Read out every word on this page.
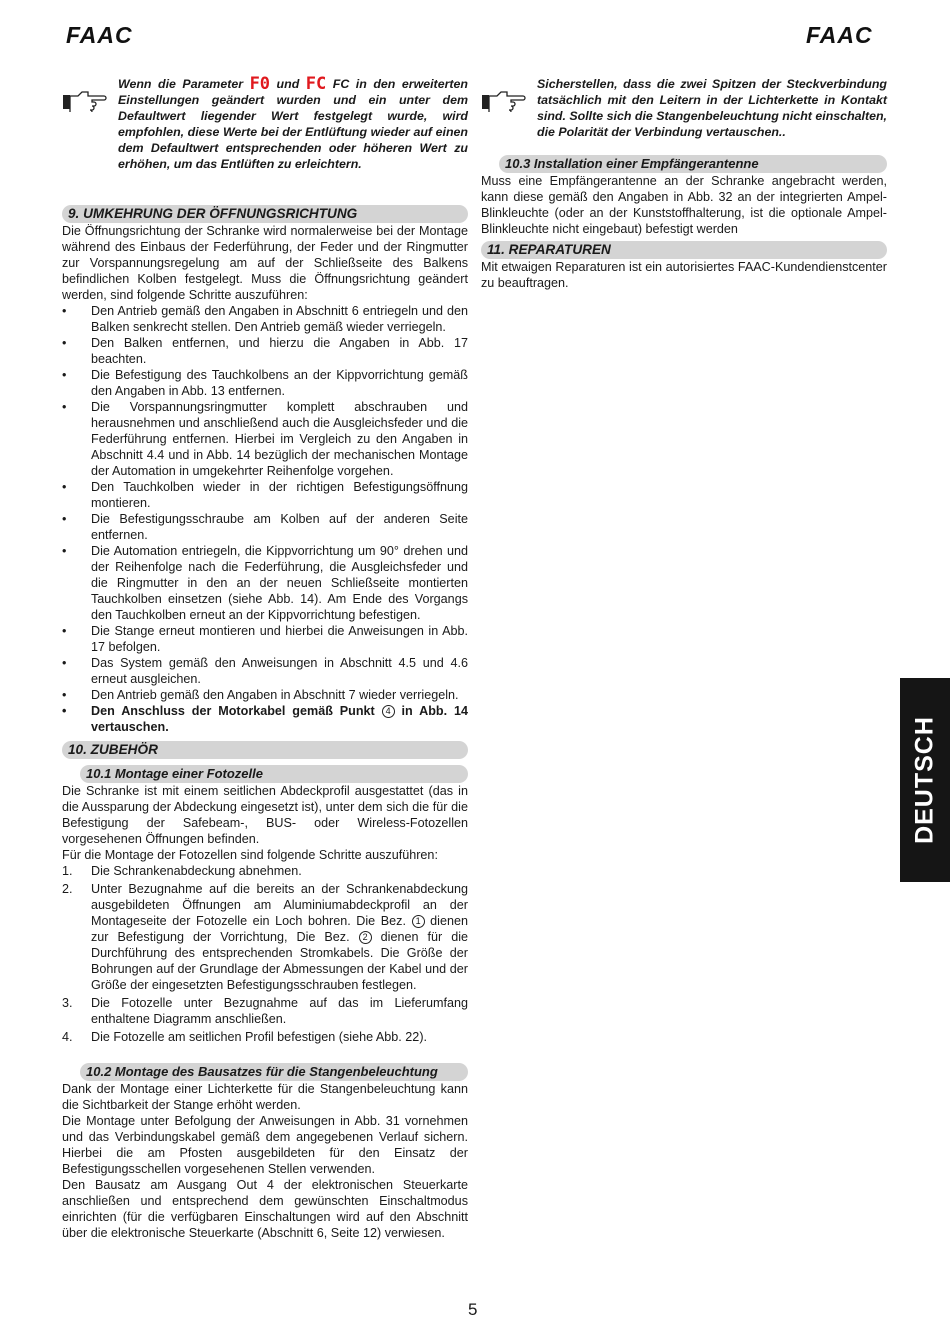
FAAC	FAAC
Wenn die Parameter F0 und FC FC in den erweiterten Einstellungen geändert wurden und ein unter dem Defaultwert liegender Wert festgelegt wurde, wird empfohlen, diese Werte bei der Entlüftung wieder auf einen dem Defaultwert entsprechenden oder höheren Wert zu erhöhen, um das Entlüften zu erleichtern.
9. UMKEHRUNG DER ÖFFNUNGSRICHTUNG

Die Öffnungsrichtung der Schranke wird normalerweise bei der Montage während des Einbaus der Federführung, der Feder und der Ringmutter zur Vorspannungsregelung am auf der Schließseite des Balkens befindlichen Kolben festgelegt. Muss die Öffnungsrichtung geändert werden, sind folgende Schritte auszuführen:

• Den Antrieb gemäß den Angaben in Abschnitt 6 entriegeln und den Balken senkrecht stellen. Den Antrieb gemäß wieder verriegeln.
• Den Balken entfernen, und hierzu die Angaben in Abb. 17 beachten.
• Die Befestigung des Tauchkolbens an der Kippvorrichtung gemäß den Angaben in Abb. 13 entfernen.
• Die Vorspannungsringmutter komplett abschrauben und herausnehmen und anschließend auch die Ausgleichsfeder und die Federführung entfernen. Hierbei im Vergleich zu den Angaben in Abschnitt 4.4 und in Abb. 14 bezüglich der mechanischen Montage der Automation in umgekehrter Reihenfolge vorgehen.
• Den Tauchkolben wieder in der richtigen Befestigungsöffnung montieren.
• Die Befestigungsschraube am Kolben auf der anderen Seite entfernen.
• Die Automation entriegeln, die Kippvorrichtung um 90° drehen und der Reihenfolge nach die Federführung, die Ausgleichsfeder und die Ringmutter in den an der neuen Schließseite montierten Tauchkolben einsetzen (siehe Abb. 14). Am Ende des Vorgangs den Tauchkolben erneut an der Kippvorrichtung befestigen.
• Die Stange erneut montieren und hierbei die Anweisungen in Abb. 17 befolgen.
• Das System gemäß den Anweisungen in Abschnitt 4.5 und 4.6 erneut ausgleichen.
• Den Antrieb gemäß den Angaben in Abschnitt 7 wieder verriegeln.
• Den Anschluss der Motorkabel gemäß Punkt 4 in Abb. 14 vertauschen.
10. ZUBEHÖR
10.1 Montage einer Fotozelle

Die Schranke ist mit einem seitlichen Abdeckprofil ausgestattet (das in die Aussparung der Abdeckung eingesetzt ist), unter dem sich die für die Befestigung der Safebeam-, BUS- oder Wireless-Fotozellen vorgesehenen Öffnungen befinden.

Für die Montage der Fotozellen sind folgende Schritte auszuführen:

1. Die Schrankenabdeckung abnehmen.
2. Unter Bezugnahme auf die bereits an der Schrankenabdeckung ausgebildeten Öffnungen am Aluminiumabdeckprofil an der Montageseite der Fotozelle ein Loch bohren. Die Bez. 1 dienen zur Befestigung der Vorrichtung, Die Bez. 2 dienen für die Durchführung des entsprechenden Stromkabels. Die Größe der Bohrungen auf der Grundlage der Abmessungen der Kabel und der Größe der eingesetzten Befestigungsschrauben festlegen.
3. Die Fotozelle unter Bezugnahme auf das im Lieferumfang enthaltene Diagramm anschließen.
4. Die Fotozelle am seitlichen Profil befestigen (siehe Abb. 22).
10.2 Montage des Bausatzes für die Stangenbeleuchtung

Dank der Montage einer Lichterkette für die Stangenbeleuchtung kann die Sichtbarkeit der Stange erhöht werden.

Die Montage unter Befolgung der Anweisungen in Abb. 31 vornehmen und das Verbindungskabel gemäß dem angegebenen Verlauf sichern. Hierbei die am Pfosten ausgebildeten für den Einsatz der Befestigungsschellen vorgesehenen Stellen verwenden.

Den Bausatz am Ausgang Out 4 der elektronischen Steuerkarte anschließen und entsprechend dem gewünschten Einschaltmodus einrichten (für die verfügbaren Einschaltungen wird auf den Abschnitt über die elektronische Steuerkarte (Abschnitt 6, Seite 12) verwiesen.

Sicherstellen, dass die zwei Spitzen der Steckverbindung tatsächlich mit den Leitern in der Lichterkette in Kontakt sind. Sollte sich die Stangenbeleuchtung nicht einschalten, die Polarität der Verbindung vertauschen..
10.3 Installation einer Empfängerantenne

Muss eine Empfängerantenne an der Schranke angebracht werden, kann diese gemäß den Angaben in Abb. 32 an der integrierten Ampel-Blinkleuchte (oder an der Kunststoffhalterung, ist die optionale Ampel-Blinkleuchte nicht eingebaut) befestigt werden

11. REPARATUREN

Mit etwaigen Reparaturen ist ein autorisiertes FAAC-Kundendienstcenter zu beauftragen.

DEUTSCH
5
